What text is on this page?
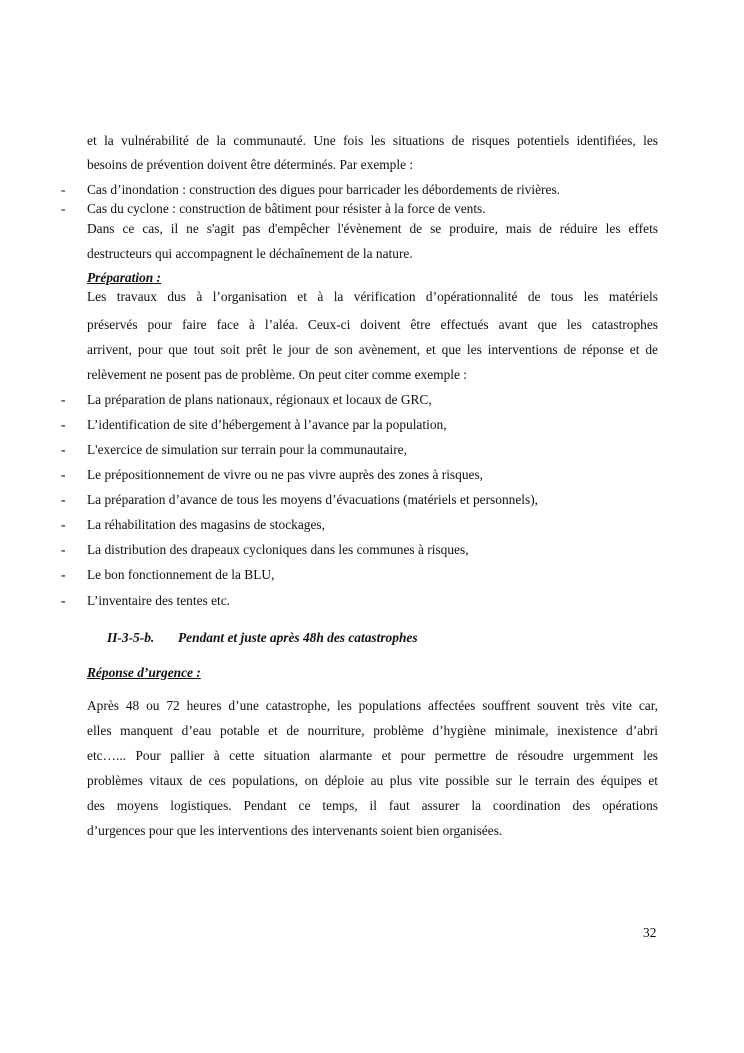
et la vulnérabilité de la communauté. Une fois les situations de risques potentiels identifiées, les
besoins de prévention doivent être déterminés. Par exemple :
- Cas d’inondation : construction des digues pour barricader les débordements de rivières.
- Cas du cyclone : construction de bâtiment pour résister à la force de vents.
Dans ce cas, il ne s'agit pas d'empêcher l'évènement de se produire, mais de réduire les effets
destructeurs qui accompagnent le déchaînement de la nature.
Préparation :
Les travaux dus à l’organisation et à la vérification d’opérationnalité de tous les matériels
préservés pour faire face à l’aléa. Ceux-ci doivent être effectués avant que les catastrophes
arrivent, pour que tout soit prêt le jour de son avènement, et que les interventions de réponse et de
relèvement ne posent pas de problème. On peut citer comme exemple :
- La préparation de plans nationaux, régionaux et locaux de GRC,
- L’identification de site d’hébergement à l’avance par la population,
- L'exercice de simulation sur terrain pour la communautaire,
- Le prépositionnement de vivre ou ne pas vivre auprès des zones à risques,
- La préparation d’avance de tous les moyens d’évacuations (matériels et personnels),
- La réhabilitation des magasins de stockages,
- La distribution des drapeaux cycloniques dans les communes à risques,
- Le bon fonctionnement de la BLU,
- L’inventaire des tentes etc.
II-3-5-b. Pendant et juste après 48h des catastrophes
Réponse d’urgence :
Après 48 ou 72 heures d’une catastrophe, les populations affectées souffrent souvent très vite car,
elles manquent d’eau potable et de nourriture, problème d’hygiène minimale, inexistence d’abri
etc…... Pour pallier à cette situation alarmante et pour permettre de résoudre urgemment les
problèmes vitaux de ces populations, on déploie au plus vite possible sur le terrain des équipes et
des moyens logistiques. Pendant ce temps, il faut assurer la coordination des opérations
d’urgences pour que les interventions des intervenants soient bien organisées.
32
